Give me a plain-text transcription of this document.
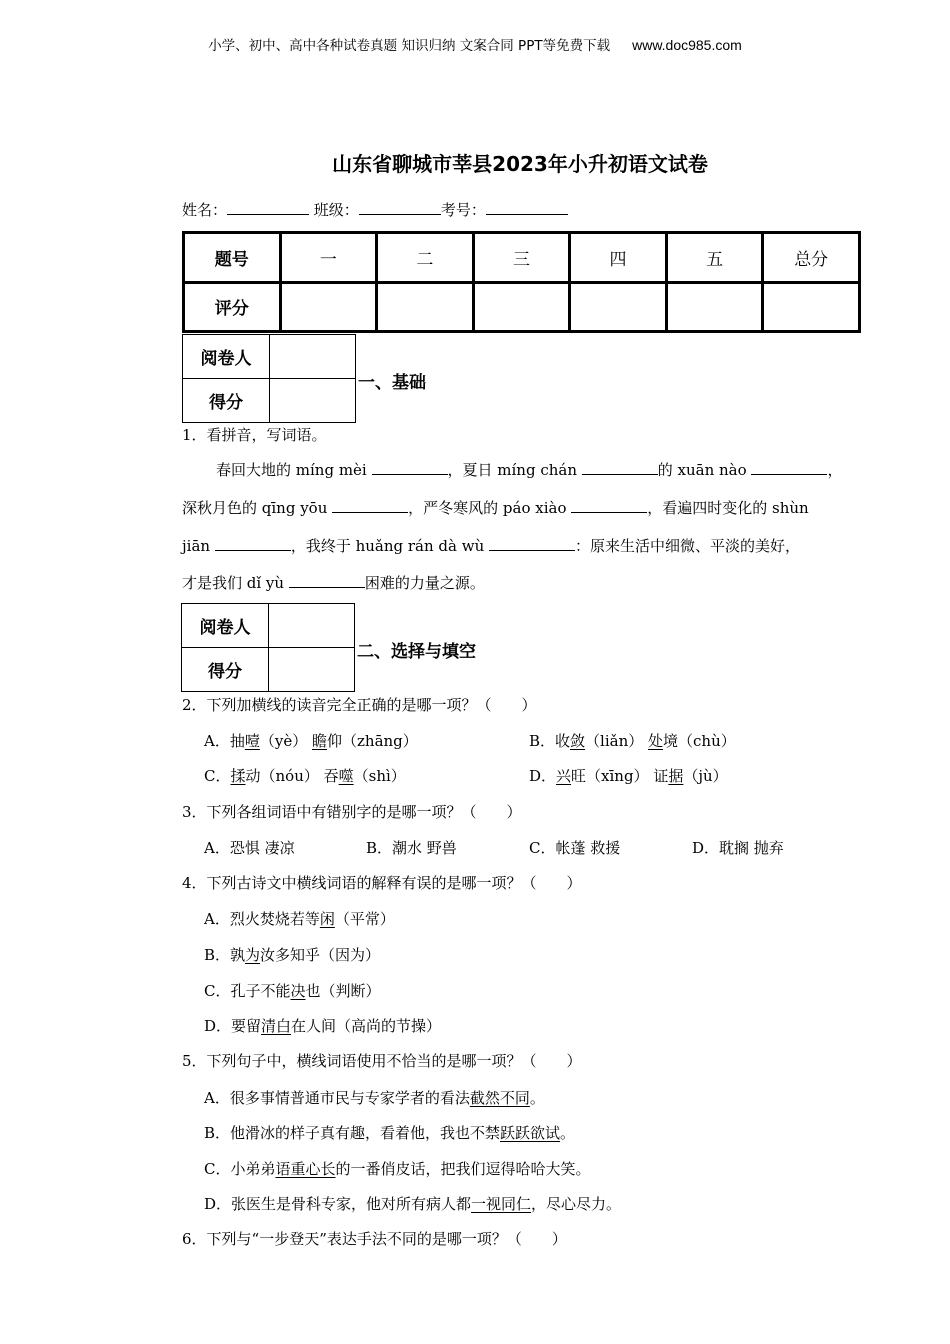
小学、初中、高中各种试卷真题 知识归纳 文案合同 PPT等免费下载 www.doc985.com
山东省聊城市莘县2023年小升初语文试卷
姓名：	班级：	考号：
题号	一	二	三	四	五	总分
评分						
阅卷人	
得分	
一、基础
1．看拼音，写词语。
春回大地的 míng mèi	，夏日 míng chán	的 xuān nào	，
深秋月色的 qīng yōu	，严冬寒风的 páo xiào	，看遍四时变化的 shùn
jiān	，我终于 huǎng rán dà wù	：原来生活中细微、平淡的美好，
才是我们 dǐ yù	困难的力量之源。
阅卷人	
得分	
二、选择与填空
2．下列加横线的读音完全正确的是哪一项？（　　）
A．抽噎（yè） 瞻仰（zhāng）	B．收敛（liǎn） 处境（chù）
C．揉动（nóu） 吞噬（shì）	D．兴旺（xīng） 证据（jù）
3．下列各组词语中有错别字的是哪一项？（　　）
A．恐惧 凄凉	B．潮水 野兽	C．帐蓬 救援	D．耽搁 抛弃
4．下列古诗文中横线词语的解释有误的是哪一项？（　　）
A．烈火焚烧若等闲（平常）
B．孰为汝多知乎（因为）
C．孔子不能决也（判断）
D．要留清白在人间（高尚的节操）
5．下列句子中，横线词语使用不恰当的是哪一项？（　　）
A．很多事情普通市民与专家学者的看法截然不同。
B．他滑冰的样子真有趣，看着他，我也不禁跃跃欲试。
C．小弟弟语重心长的一番俏皮话，把我们逗得哈哈大笑。
D．张医生是骨科专家，他对所有病人都一视同仁，尽心尽力。
6．下列与“一步登天”表达手法不同的是哪一项？（　　）
